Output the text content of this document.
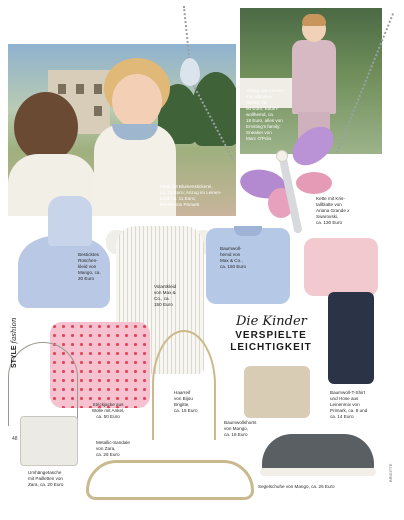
Kleid mit Blumenstickerei,
ca. 18 Euro; Anzug im Leinen-
Look ca. 11 Euro;
beides von Primark
Anzug aus Leinen-
mix inklusive
Weste, ca.
90 Euro; Baum-
wollhemd, ca.
18 Euro, alles von
Ernsting's family;
Sneaker von
Marc O'Polo
Kette mit Kris-
tallblatte von
Ariana Grande x
Swarovski,
ca. 130 Euro
Besticktes
Rüschen-
kleid von
Mango, ca.
20 Euro
Volantkleid
von Max &
Co., ca.
150 Euro
Baumwoll-
hemd von
Max & Co.,
ca. 150 Euro
Strickjacke aus
Wolle mit Ankel,
ca. 50 Euro
Haarreif
von Bijou
Brigitte,
ca. 15 Euro
Baumwollshorts
von Mango,
ca. 18 Euro
Baumwoll-T-Shirt
und Hose aus
Leinenmix von
Primark, ca. 8 und
ca. 14 Euro
Umhängetasche
mit Pailletten von
Zara, ca. 20 Euro
Metallic-Sandale
von Zara,
ca. 26 Euro
Segelschuhe von Mango, ca. 26 Euro
Die Kinder
VERSPIELTE
LEICHTIGKEIT
STYLE fashion
48
BRIGITTE
